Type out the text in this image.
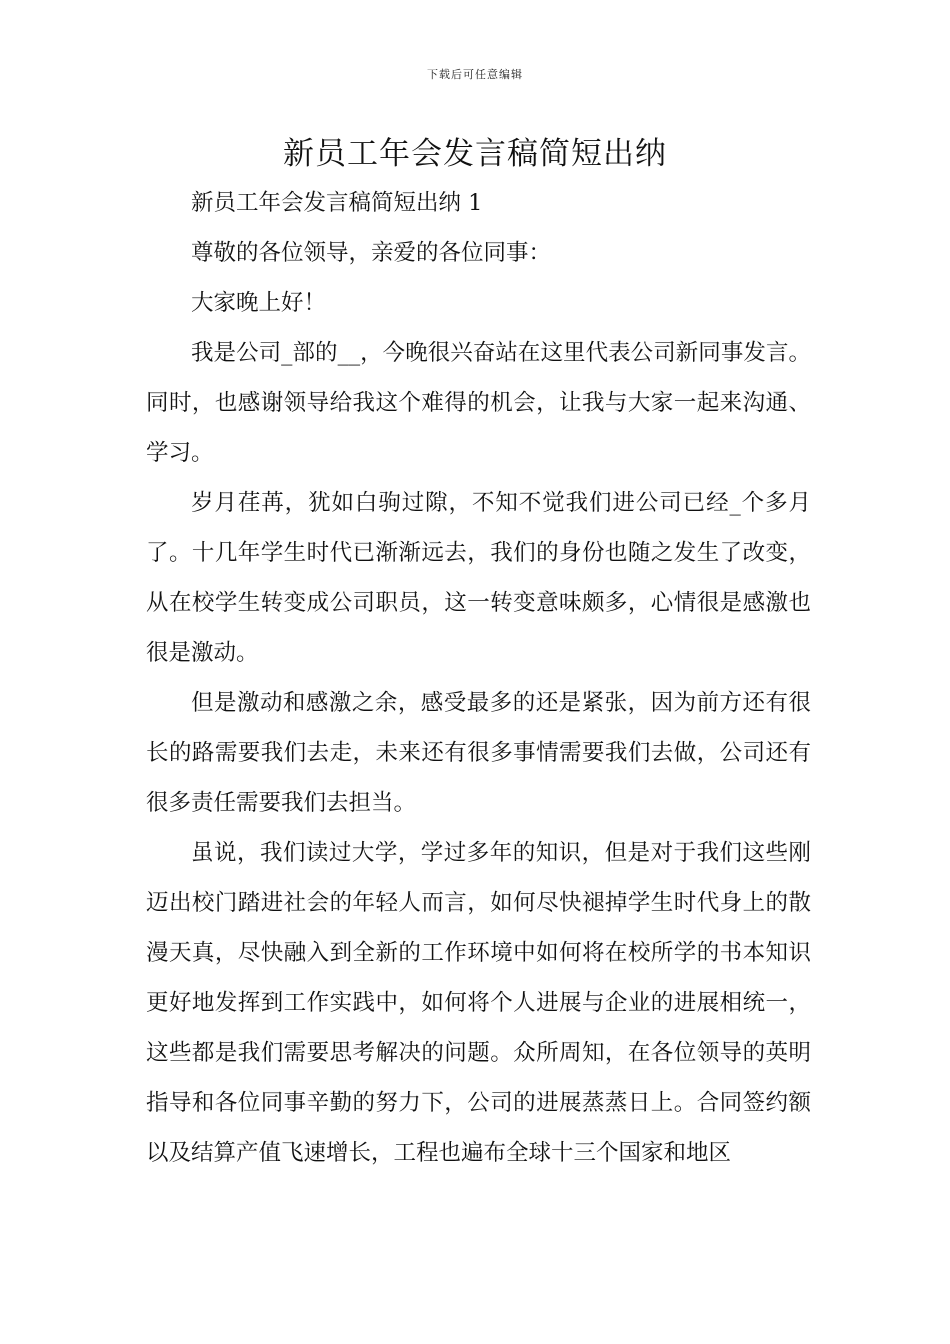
下载后可任意编辑
新员工年会发言稿简短出纳

新员工年会发言稿简短出纳 1

尊敬的各位领导，亲爱的各位同事：

大家晚上好！

我是公司_部的__，今晚很兴奋站在这里代表公司新同事发言。同时，也感谢领导给我这个难得的机会，让我与大家一起来沟通、学习。

岁月荏苒，犹如白驹过隙，不知不觉我们进公司已经_个多月了。十几年学生时代已渐渐远去，我们的身份也随之发生了改变，从在校学生转变成公司职员，这一转变意味颇多，心情很是感激也很是激动。

但是激动和感激之余，感受最多的还是紧张，因为前方还有很长的路需要我们去走，未来还有很多事情需要我们去做，公司还有很多责任需要我们去担当。

虽说，我们读过大学，学过多年的知识，但是对于我们这些刚迈出校门踏进社会的年轻人而言，如何尽快褪掉学生时代身上的散漫天真，尽快融入到全新的工作环境中如何将在校所学的书本知识更好地发挥到工作实践中，如何将个人进展与企业的进展相统一，这些都是我们需要思考解决的问题。众所周知，在各位领导的英明指导和各位同事辛勤的努力下，公司的进展蒸蒸日上。合同签约额以及结算产值飞速增长，工程也遍布全球十三个国家和地区
